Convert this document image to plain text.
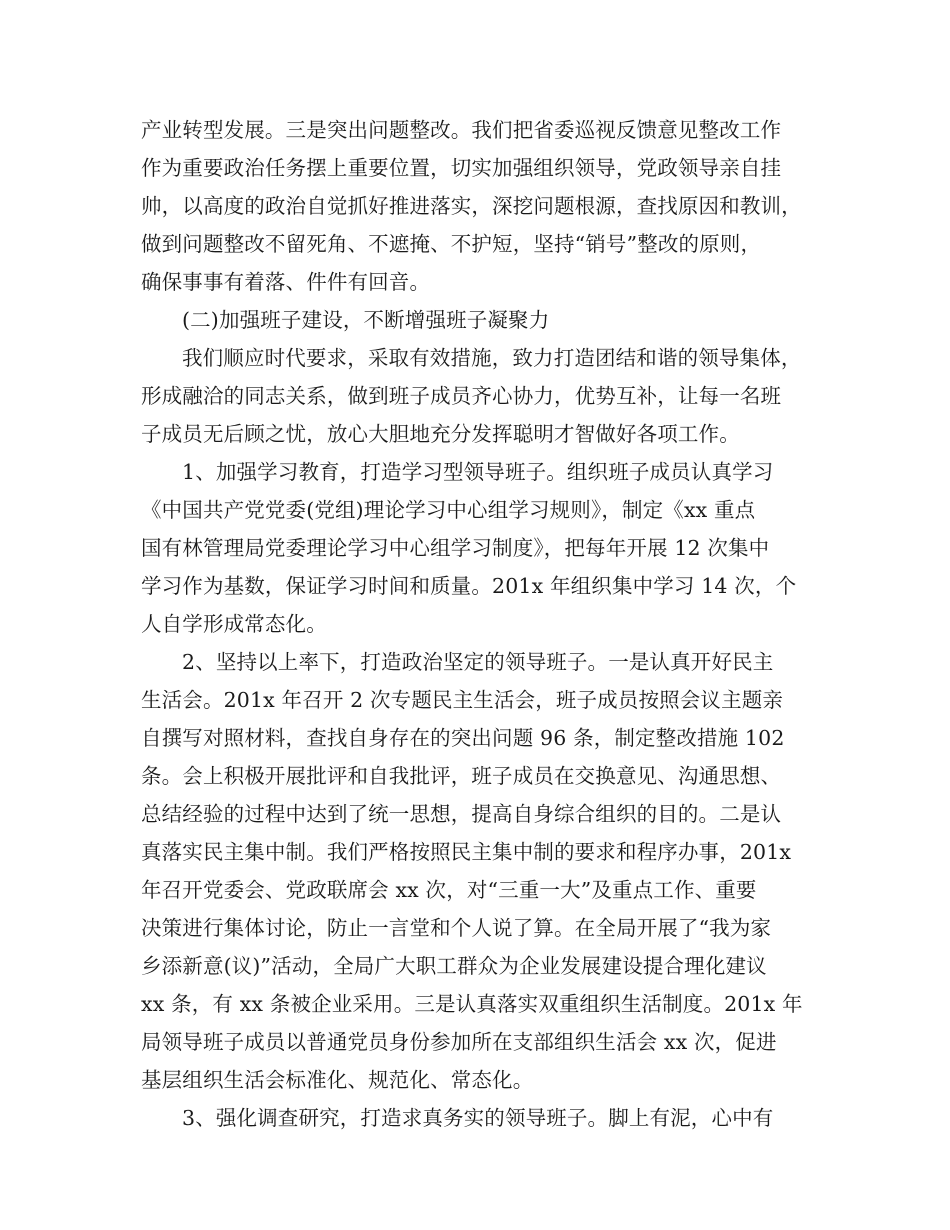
产业转型发展。三是突出问题整改。我们把省委巡视反馈意见整改工作
作为重要政治任务摆上重要位置，切实加强组织领导，党政领导亲自挂
帅，以高度的政治自觉抓好推进落实，深挖问题根源，查找原因和教训，
做到问题整改不留死角、不遮掩、不护短，坚持“销号”整改的原则，
确保事事有着落、件件有回音。
(二)加强班子建设，不断增强班子凝聚力
我们顺应时代要求，采取有效措施，致力打造团结和谐的领导集体，
形成融洽的同志关系，做到班子成员齐心协力，优势互补，让每一名班
子成员无后顾之忧，放心大胆地充分发挥聪明才智做好各项工作。
1、加强学习教育，打造学习型领导班子。组织班子成员认真学习
《中国共产党党委(党组)理论学习中心组学习规则》，制定《xx 重点
国有林管理局党委理论学习中心组学习制度》，把每年开展 12 次集中
学习作为基数，保证学习时间和质量。201x 年组织集中学习 14 次，个
人自学形成常态化。
2、坚持以上率下，打造政治坚定的领导班子。一是认真开好民主
生活会。201x 年召开 2 次专题民主生活会，班子成员按照会议主题亲
自撰写对照材料，查找自身存在的突出问题 96 条，制定整改措施 102
条。会上积极开展批评和自我批评，班子成员在交换意见、沟通思想、
总结经验的过程中达到了统一思想，提高自身综合组织的目的。二是认
真落实民主集中制。我们严格按照民主集中制的要求和程序办事，201x
年召开党委会、党政联席会 xx 次，对“三重一大”及重点工作、重要
决策进行集体讨论，防止一言堂和个人说了算。在全局开展了“我为家
乡添新意(议)”活动，全局广大职工群众为企业发展建设提合理化建议
xx 条，有 xx 条被企业采用。三是认真落实双重组织生活制度。201x 年
局领导班子成员以普通党员身份参加所在支部组织生活会 xx 次，促进
基层组织生活会标准化、规范化、常态化。
3、强化调查研究，打造求真务实的领导班子。脚上有泥，心中有
